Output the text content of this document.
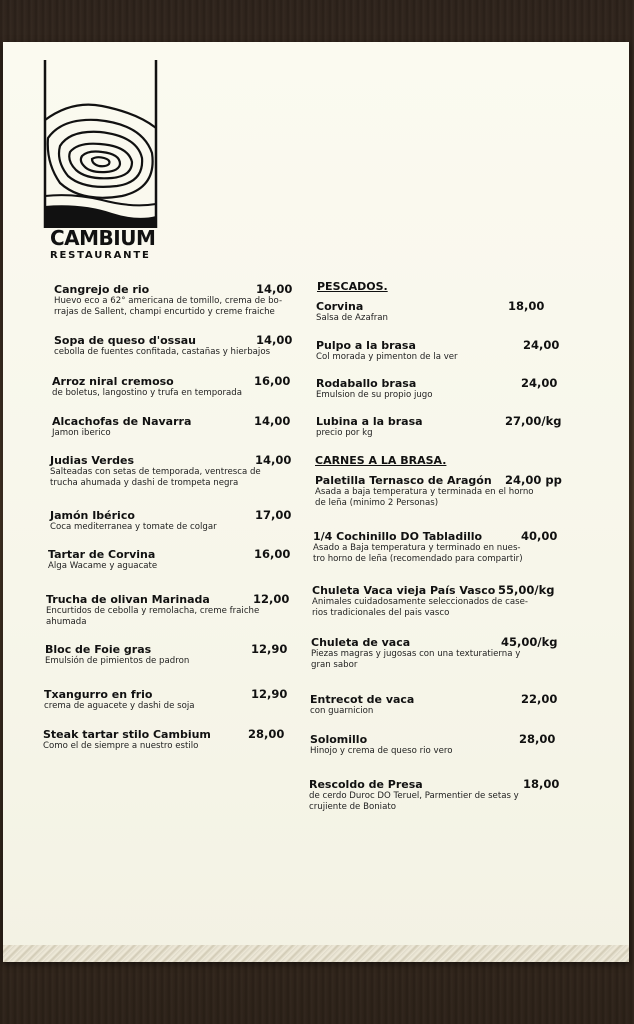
CAMBIUM
RESTAURANTE
Cangrejo de rio	14,00
Huevo eco a 62° americana de tomillo, crema de bo-
rrajas de Sallent, champi encurtido y creme fraiche
Sopa de queso d'ossau	14,00
cebolla de fuentes confitada, castañas y hierbajos
Arroz niral cremoso	16,00
de boletus, langostino y trufa en temporada
Alcachofas de Navarra	14,00
Jamon iberico
Judias Verdes	14,00
Salteadas con setas de temporada, ventresca de
trucha ahumada y dashi de trompeta negra
Jamón Ibérico	17,00
Coca mediterranea y tomate de colgar
Tartar de Corvina	16,00
Alga Wacame y aguacate
Trucha de olivan Marinada	12,00
Encurtidos de cebolla y remolacha, creme fraiche
ahumada
Bloc de Foie gras	12,90
Emulsión de pimientos de padron
Txangurro en frio	12,90
crema de aguacete y dashi de soja
Steak tartar stilo Cambium	28,00
Como el de siempre a nuestro estilo
PESCADOS.
Corvina	18,00
Salsa de Azafran
Pulpo a la brasa	24,00
Col morada y pimenton de la ver
Rodaballo brasa	24,00
Emulsion de su propio jugo
Lubina a la brasa	27,00/kg
precio por kg
CARNES A LA BRASA.
Paletilla Ternasco de Aragón	24,00 pp
Asada a baja temperatura y terminada en el horno
de leña (minimo 2 Personas)
1/4 Cochinillo DO Tabladillo	40,00
Asado a Baja temperatura y terminado en nues-
tro horno de leña (recomendado para compartir)
Chuleta Vaca vieja País Vasco 55,00/kg
Animales cuidadosamente seleccionados de case-
rios tradicionales del pais vasco
Chuleta de vaca	45,00/kg
Piezas magras y jugosas con una texturatierna y
gran sabor
Entrecot de vaca	22,00
con guarnicion
Solomillo	28,00
Hinojo y crema de queso rio vero
Rescoldo de Presa	18,00
de cerdo Duroc DO Teruel, Parmentier de setas y
crujiente de Boniato
